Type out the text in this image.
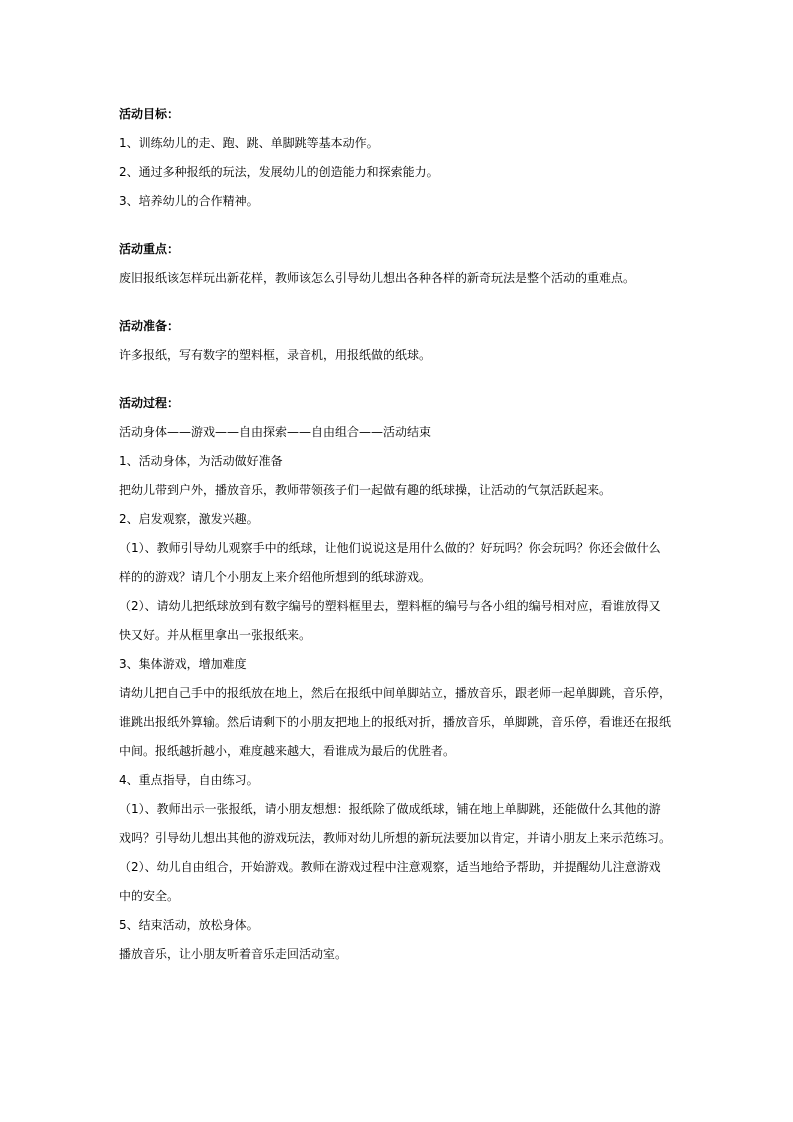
活动目标：
1、训练幼儿的走、跑、跳、单脚跳等基本动作。
2、通过多种报纸的玩法，发展幼儿的创造能力和探索能力。
3、培养幼儿的合作精神。
活动重点：
废旧报纸该怎样玩出新花样，教师该怎么引导幼儿想出各种各样的新奇玩法是整个活动的重难点。
活动准备：
许多报纸，写有数字的塑料框，录音机，用报纸做的纸球。
活动过程：
活动身体——游戏——自由探索——自由组合——活动结束
1、活动身体，为活动做好准备
把幼儿带到户外，播放音乐，教师带领孩子们一起做有趣的纸球操，让活动的气氛活跃起来。
2、启发观察，激发兴趣。
（1）、教师引导幼儿观察手中的纸球，让他们说说这是用什么做的？好玩吗？你会玩吗？你还会做什么
样的的游戏？请几个小朋友上来介绍他所想到的纸球游戏。
（2）、请幼儿把纸球放到有数字编号的塑料框里去，塑料框的编号与各小组的编号相对应，看谁放得又
快又好。并从框里拿出一张报纸来。
3、集体游戏，增加难度
请幼儿把自己手中的报纸放在地上，然后在报纸中间单脚站立，播放音乐，跟老师一起单脚跳，音乐停，
谁跳出报纸外算输。然后请剩下的小朋友把地上的报纸对折，播放音乐，单脚跳，音乐停，看谁还在报纸
中间。报纸越折越小，难度越来越大，看谁成为最后的优胜者。
4、重点指导，自由练习。
（1）、教师出示一张报纸，请小朋友想想：报纸除了做成纸球，铺在地上单脚跳，还能做什么其他的游
戏吗？引导幼儿想出其他的游戏玩法，教师对幼儿所想的新玩法要加以肯定，并请小朋友上来示范练习。
（2）、幼儿自由组合，开始游戏。教师在游戏过程中注意观察，适当地给予帮助，并提醒幼儿注意游戏
中的安全。
5、结束活动，放松身体。
播放音乐，让小朋友听着音乐走回活动室。
